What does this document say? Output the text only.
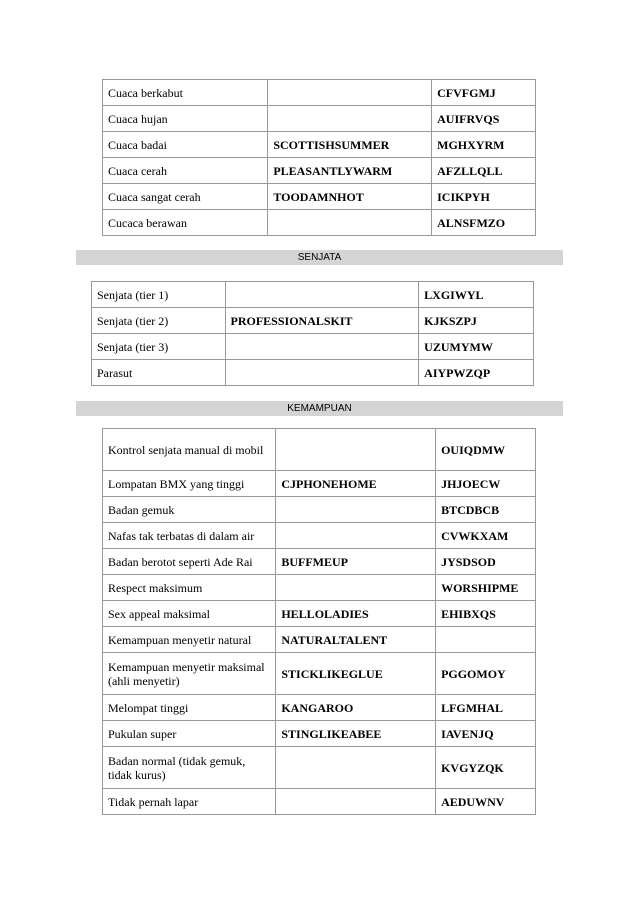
Cuaca berkabut		CFVFGMJ
Cuaca hujan		AUIFRVQS
Cuaca badai	SCOTTISHSUMMER	MGHXYRM
Cuaca cerah	PLEASANTLYWARM	AFZLLQLL
Cuaca sangat cerah	TOODAMNHOT	ICIKPYH
Cucaca berawan		ALNSFMZO
SENJATA
Senjata (tier 1)		LXGIWYL
Senjata (tier 2)	PROFESSIONALSKIT	KJKSZPJ
Senjata (tier 3)		UZUMYMW
Parasut		AIYPWZQP
KEMAMPUAN
Kontrol senjata manual di mobil		OUIQDMW
Lompatan BMX yang tinggi	CJPHONEHOME	JHJOECW
Badan gemuk		BTCDBCB
Nafas tak terbatas di dalam air		CVWKXAM
Badan berotot seperti Ade Rai	BUFFMEUP	JYSDSOD
Respect maksimum		WORSHIPME
Sex appeal maksimal	HELLOLADIES	EHIBXQS
Kemampuan menyetir natural	NATURALTALENT	
Kemampuan menyetir maksimal (ahli menyetir)	STICKLIKEGLUE	PGGOMOY
Melompat tinggi	KANGAROO	LFGMHAL
Pukulan super	STINGLIKEABEE	IAVENJQ
Badan normal (tidak gemuk, tidak kurus)		KVGYZQK
Tidak pernah lapar		AEDUWNV
